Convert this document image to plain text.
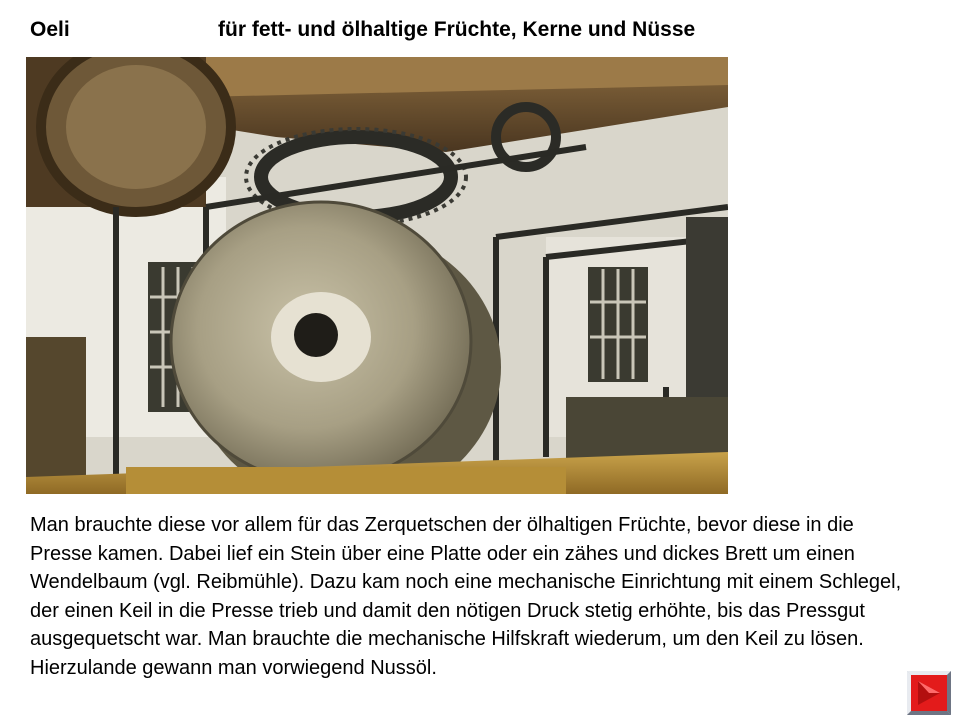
Oeli	für fett- und ölhaltige Früchte, Kerne und Nüsse

Man brauchte diese vor allem für das Zerquetschen der ölhaltigen Früchte, bevor diese in die Presse kamen. Dabei lief ein Stein über eine Platte oder ein zähes und dickes Brett um einen Wendelbaum (vgl. Reibmühle). Dazu kam noch eine mechanische Einrichtung mit einem Schlegel, der einen Keil in die Presse trieb und damit den nötigen Druck stetig erhöhte, bis das Pressgut ausgequetscht war. Man brauchte die mechanische Hilfskraft wiederum, um den Keil zu lösen. Hierzulande gewann man vorwiegend Nussöl.
